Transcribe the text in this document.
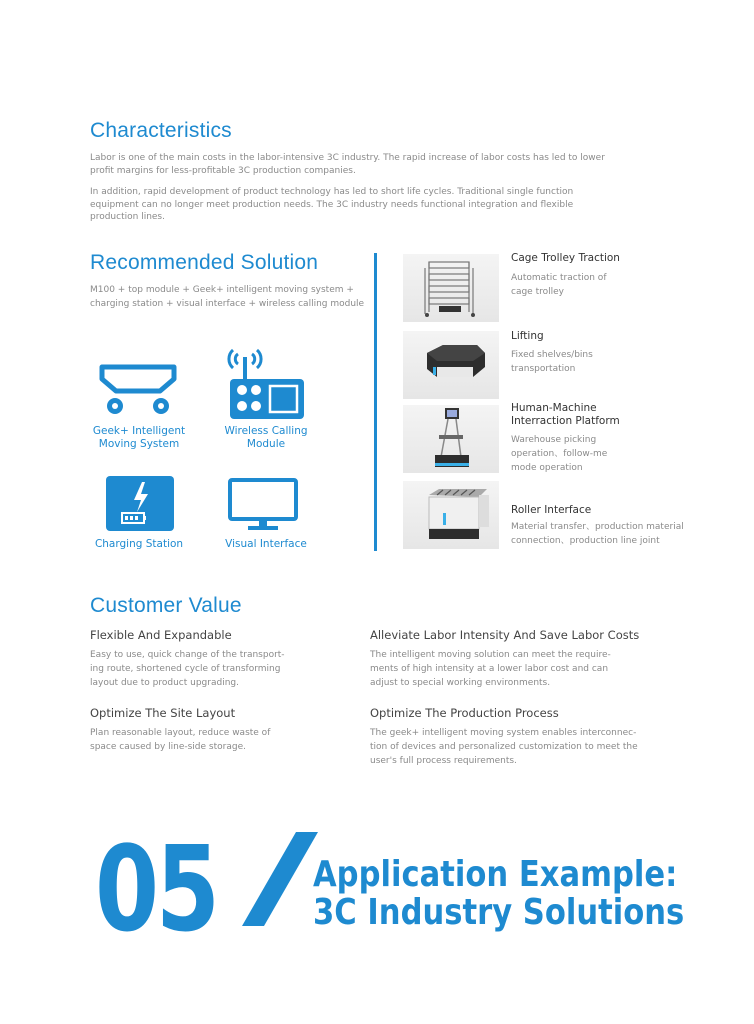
Characteristics

Labor is one of the main costs in the labor-intensive 3C industry. The rapid increase of labor costs has led to lower profit margins for less-profitable 3C production companies.

In addition, rapid development of product technology has led to short life cycles. Traditional single function equipment can no longer meet production needs. The 3C industry needs functional integration and flexible production lines.

Recommended Solution

M100 + top module + Geek+ intelligent moving system + charging station + visual interface + wireless calling module

Geek+ Intelligent Moving System
Wireless Calling Module
Charging Station	Visual Interface
Cage Trolley Traction
Automatic traction of cage trolley
Lifting
Fixed shelves/bins transportation
Human-Machine Interraction Platform
Warehouse picking operation、follow-me mode operation
Roller Interface
Material transfer、production material connection、production line joint
Customer Value
Flexible And Expandable

Easy to use, quick change of the transport-ing route, shortened cycle of transforming layout due to product upgrading.

Alleviate Labor Intensity And Save Labor Costs

The intelligent moving solution can meet the require-ments of high intensity at a lower labor cost and can adjust to special working environments.

Optimize The Site Layout

Plan reasonable layout, reduce waste of space caused by line-side storage.

Optimize The Production Process

The geek+ intelligent moving system enables interconnec-tion of devices and personalized customization to meet the user's full process requirements.

05	Application Example:
3C Industry Solutions
